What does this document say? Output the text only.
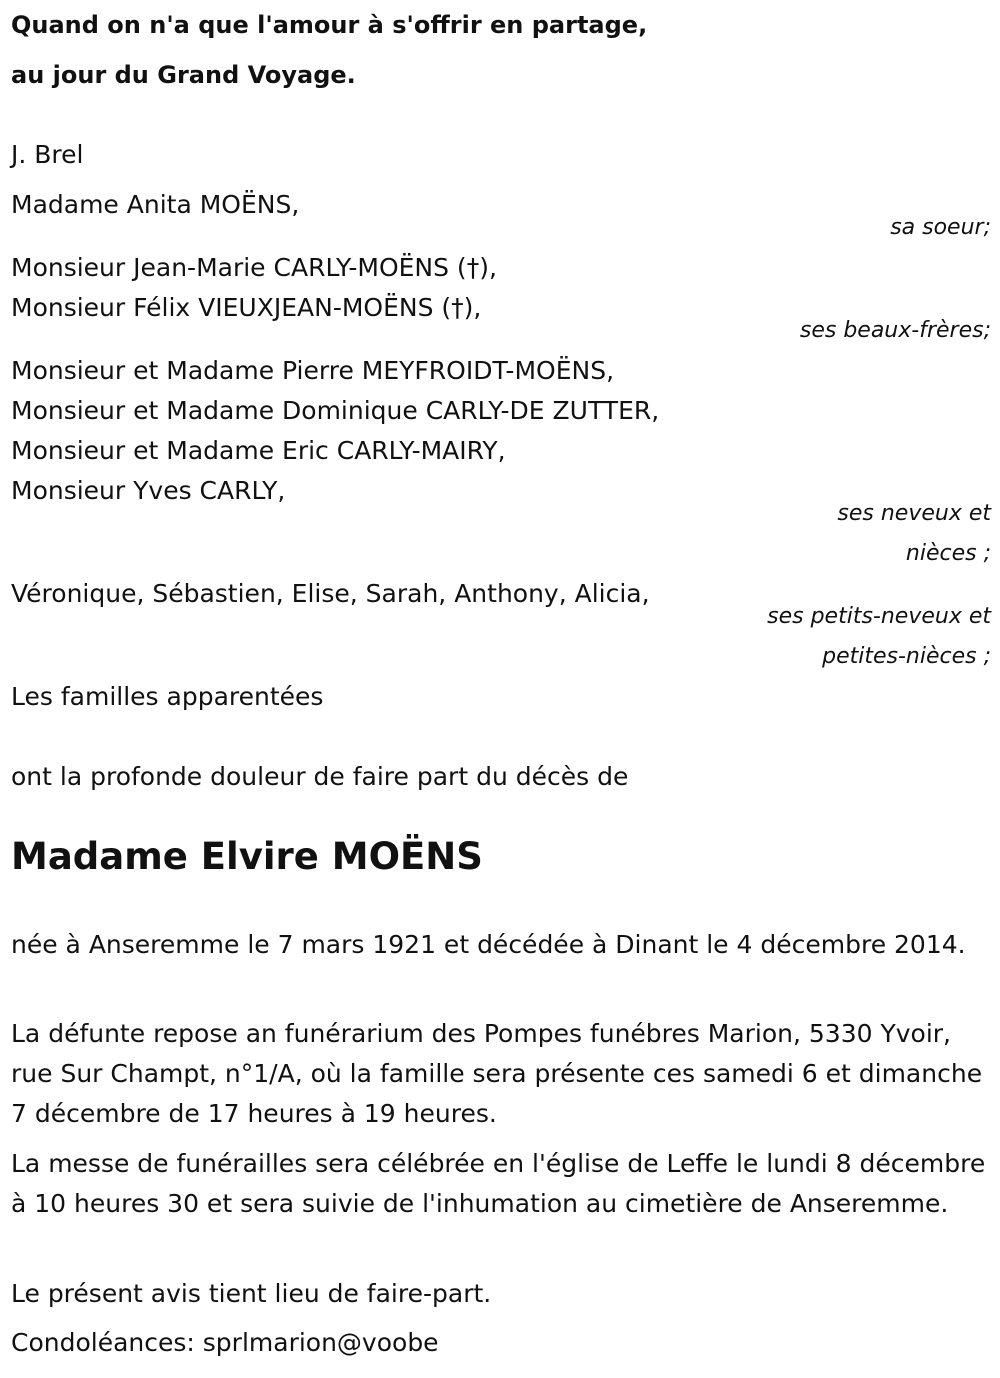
Quand on n'a que l'amour à s'offrir en partage,
au jour du Grand Voyage.
J. Brel
Madame Anita MOËNS,
sa soeur;
Monsieur Jean-Marie CARLY-MOËNS (†),
Monsieur Félix VIEUXJEAN-MOËNS (†),
ses beaux-frères;
Monsieur et Madame Pierre MEYFROIDT-MOËNS,
Monsieur et Madame Dominique CARLY-DE ZUTTER,
Monsieur et Madame Eric CARLY-MAIRY,
Monsieur Yves CARLY,
ses neveux et
nièces ;
Véronique, Sébastien, Elise, Sarah, Anthony, Alicia,
ses petits-neveux et
petites-nièces ;
Les familles apparentées
ont la profonde douleur de faire part du décès de
Madame Elvire MOËNS
née à Anseremme le 7 mars 1921 et décédée à Dinant le 4 décembre 2014.
La défunte repose an funérarium des Pompes funébres Marion, 5330 Yvoir, rue Sur Champt, n°1/A, où la famille sera présente ces samedi 6 et dimanche 7 décembre de 17 heures à 19 heures.
La messe de funérailles sera célébrée en l'église de Leffe le lundi 8 décembre à 10 heures 30 et sera suivie de l'inhumation au cimetière de Anseremme.
Le présent avis tient lieu de faire-part.
Condoléances: sprlmarion@voobe
